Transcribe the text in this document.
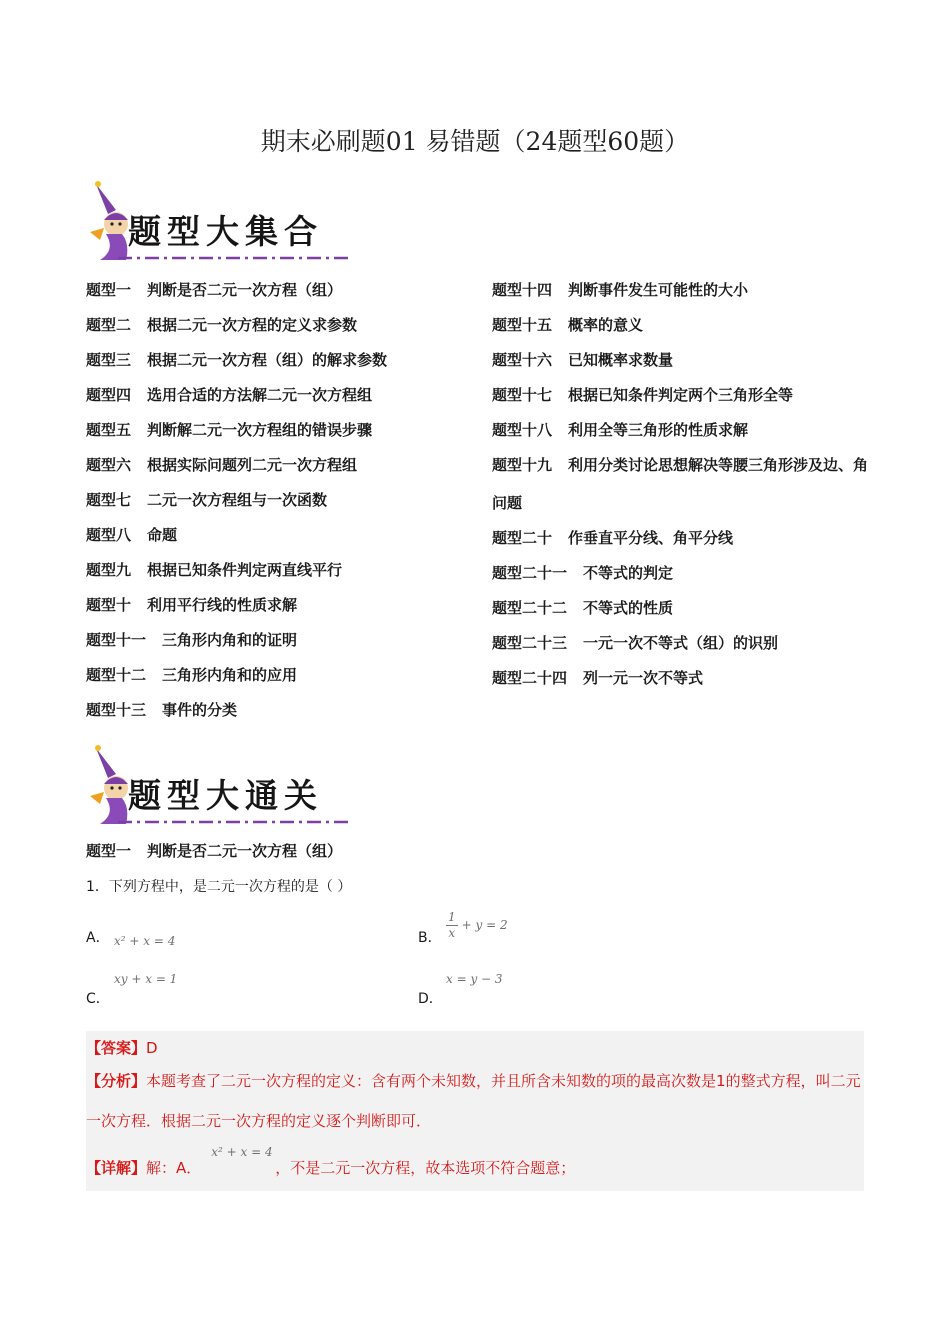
期末必刷题01 易错题（24题型60题）
题型大集合
题型一 判断是否二元一次方程（组）
题型二 根据二元一次方程的定义求参数
题型三 根据二元一次方程（组）的解求参数
题型四 选用合适的方法解二元一次方程组
题型五 判断解二元一次方程组的错误步骤
题型六 根据实际问题列二元一次方程组
题型七 二元一次方程组与一次函数
题型八 命题
题型九 根据已知条件判定两直线平行
题型十 利用平行线的性质求解
题型十一 三角形内角和的证明
题型十二 三角形内角和的应用
题型十三 事件的分类
题型十四 判断事件发生可能性的大小
题型十五 概率的意义
题型十六 已知概率求数量
题型十七 根据已知条件判定两个三角形全等
题型十八 利用全等三角形的性质求解
题型十九 利用分类讨论思想解决等腰三角形涉及边、角问题
题型二十 作垂直平分线、角平分线
题型二十一 不等式的判定
题型二十二 不等式的性质
题型二十三 一元一次不等式（组）的识别
题型二十四 列一元一次不等式
题型大通关
题型一 判断是否二元一次方程（组）
1．下列方程中，是二元一次方程的是（ ）
A． x² + x = 4	B． $\frac{1}{x} + y = 2$
xy + x = 1
C．
x = y − 3
D．
【答案】D
【分析】本题考查了二元一次方程的定义：含有两个未知数，并且所含未知数的项的最高次数是1的整式方程，叫二元一次方程．根据二元一次方程的定义逐个判断即可．
【详解】解：A．
x² + x = 4
，不是二元一次方程，故本选项不符合题意；
